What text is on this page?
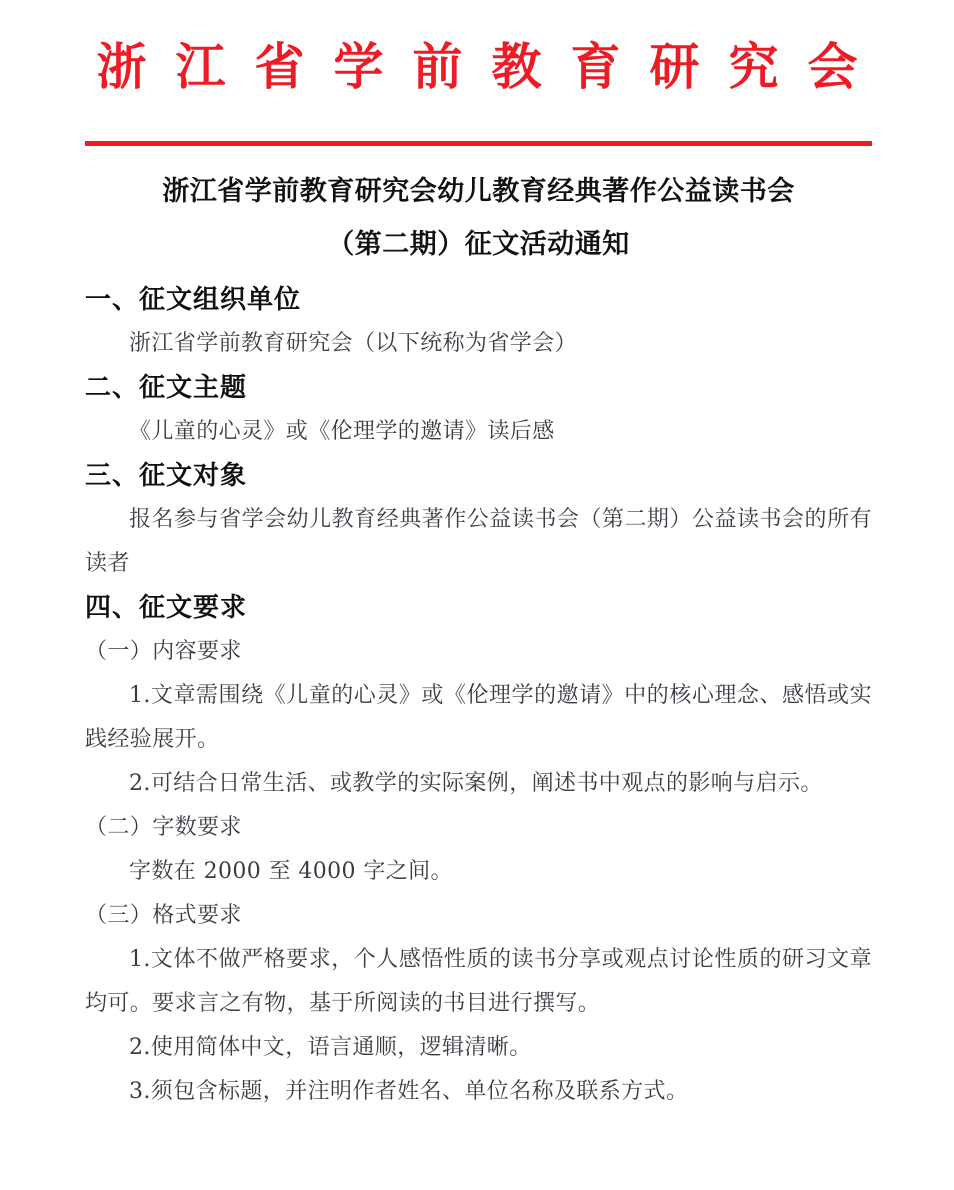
浙江省学前教育研究会
浙江省学前教育研究会幼儿教育经典著作公益读书会
（第二期）征文活动通知
一、征文组织单位

浙江省学前教育研究会（以下统称为省学会）

二、征文主题

《儿童的心灵》或《伦理学的邀请》读后感

三、征文对象

报名参与省学会幼儿教育经典著作公益读书会（第二期）公益读书会的所有读者

四、征文要求
（一）内容要求

1.文章需围绕《儿童的心灵》或《伦理学的邀请》中的核心理念、感悟或实践经验展开。

2.可结合日常生活、或教学的实际案例，阐述书中观点的影响与启示。

（二）字数要求

字数在 2000 至 4000 字之间。

（三）格式要求

1.文体不做严格要求，个人感悟性质的读书分享或观点讨论性质的研习文章均可。要求言之有物，基于所阅读的书目进行撰写。

2.使用简体中文，语言通顺，逻辑清晰。

3.须包含标题，并注明作者姓名、单位名称及联系方式。
